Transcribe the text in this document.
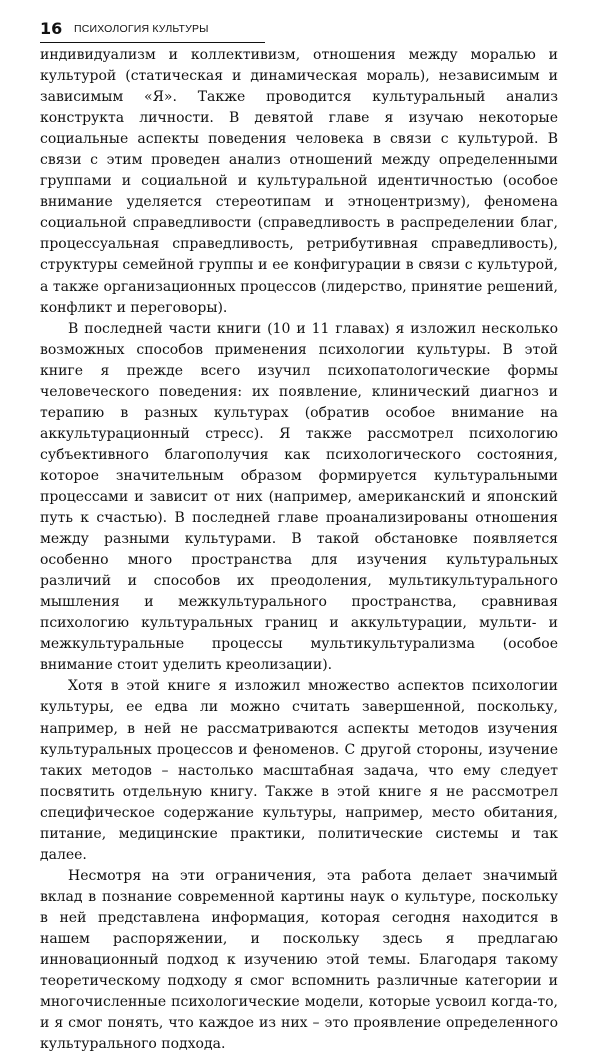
16 ПСИХОЛОГИЯ КУЛЬТУРЫ

индивидуализм и коллективизм, отношения между моралью и культурой (статическая и динамическая мораль), независимым и зависимым «Я». Также проводится культуральный анализ конструкта личности. В девятой главе я изучаю некоторые социальные аспекты поведения человека в связи с культурой. В связи с этим проведен анализ отношений между определенными группами и социальной и культуральной идентичностью (особое внимание уделяется стереотипам и этноцентризму), феномена социальной справедливости (справедливость в распределении благ, процессуальная справедливость, ретрибутивная справедливость), структуры семейной группы и ее конфигурации в связи с культурой, а также организационных процессов (лидерство, принятие решений, конфликт и переговоры).

В последней части книги (10 и 11 главах) я изложил несколько возможных способов применения психологии культуры. В этой книге я прежде всего изучил психопатологические формы человеческого поведения: их появление, клинический диагноз и терапию в разных культурах (обратив особое внимание на аккультурационный стресс). Я также рассмотрел психологию субъективного благополучия как психологического состояния, которое значительным образом формируется культуральными процессами и зависит от них (например, американский и японский путь к счастью). В последней главе проанализированы отношения между разными культурами. В такой обстановке появляется особенно много пространства для изучения культуральных различий и способов их преодоления, мультикультурального мышления и межкультурального пространства, сравнивая психологию культуральных границ и аккультурации, мульти- и межкультуральные процессы мультикультурализма (особое внимание стоит уделить креолизации).

Хотя в этой книге я изложил множество аспектов психологии культуры, ее едва ли можно считать завершенной, поскольку, например, в ней не рассматриваются аспекты методов изучения культуральных процессов и феноменов. С другой стороны, изучение таких методов – настолько масштабная задача, что ему следует посвятить отдельную книгу. Также в этой книге я не рассмотрел специфическое содержание культуры, например, место обитания, питание, медицинские практики, политические системы и так далее.

Несмотря на эти ограничения, эта работа делает значимый вклад в познание современной картины наук о культуре, поскольку в ней представлена информация, которая сегодня находится в нашем распоряжении, и поскольку здесь я предлагаю инновационный подход к изучению этой темы. Благодаря такому теоретическому подходу я смог вспомнить различные категории и многочисленные психологические модели, которые усвоил когда-то, и я смог понять, что каждое из них – это проявление определенного культурального подхода.
